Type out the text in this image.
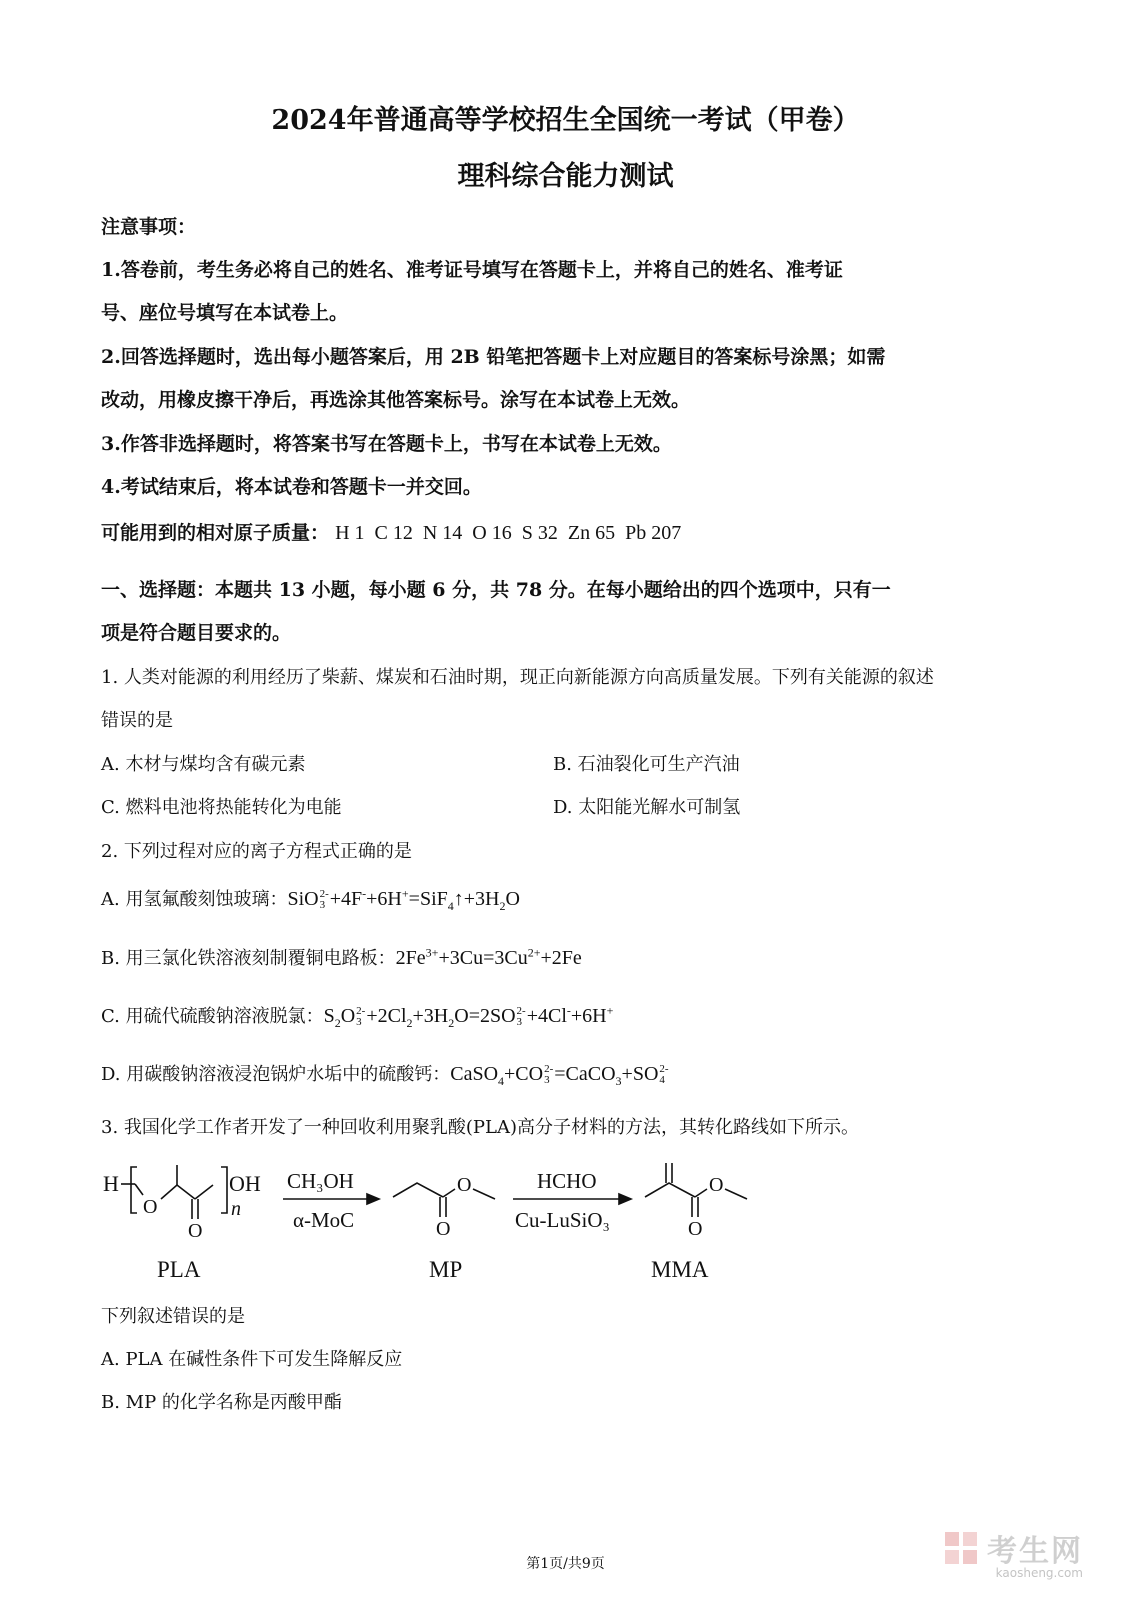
2024年普通高等学校招生全国统一考试（甲卷）
理科综合能力测试
注意事项：
1.答卷前，考生务必将自己的姓名、准考证号填写在答题卡上，并将自己的姓名、准考证
号、座位号填写在本试卷上。
2.回答选择题时，选出每小题答案后，用 2B 铅笔把答题卡上对应题目的答案标号涂黑；如需
改动，用橡皮擦干净后，再选涂其他答案标号。涂写在本试卷上无效。
3.作答非选择题时，将答案书写在答题卡上，书写在本试卷上无效。
4.考试结束后，将本试卷和答题卡一并交回。
可能用到的相对原子质量： H 1  C 12  N 14  O 16  S 32  Zn 65  Pb 207
一、选择题：本题共 13 小题，每小题 6 分，共 78 分。在每小题给出的四个选项中，只有一
项是符合题目要求的。
1. 人类对能源的利用经历了柴薪、煤炭和石油时期，现正向新能源方向高质量发展。下列有关能源的叙述
错误的是
A. 木材与煤均含有碳元素	B. 石油裂化可生产汽油
C. 燃料电池将热能转化为电能	D. 太阳能光解水可制氢
2. 下列过程对应的离子方程式正确的是
A. 用氢氟酸刻蚀玻璃：SiO 2-
$3 +4F^-+6H^+=SiF_4↑+3H_2O$
B. 用三氯化铁溶液刻制覆铜电路板：$2Fe^{3+}+3Cu=3Cu^{2+}+2Fe$
C. 用硫代硫酸钠溶液脱氯：$S_2O$ 2-
$3 +2Cl_2+3H_2O=2SO$ 2-
3 +4Cl-+6H+
D. 用碳酸钠溶液浸泡锅炉水垢中的硫酸钙：CaSO$_4$+CO 2-
3 =CaCO$_3$+SO 2-
4
3. 我国化学工作者开发了一种回收利用聚乳酸(PLA)高分子材料的方法，其转化路线如下所示。
H
O
O
OH
n
PLA
CH₃OH
α-MoC
O
O
MP
HCHO
Cu-LuSiO₃
O
O
MMA
下列叙述错误的是
A. PLA 在碱性条件下可发生降解反应
B. MP 的化学名称是丙酸甲酯
第1页/共9页	考生网
kaosheng.com
